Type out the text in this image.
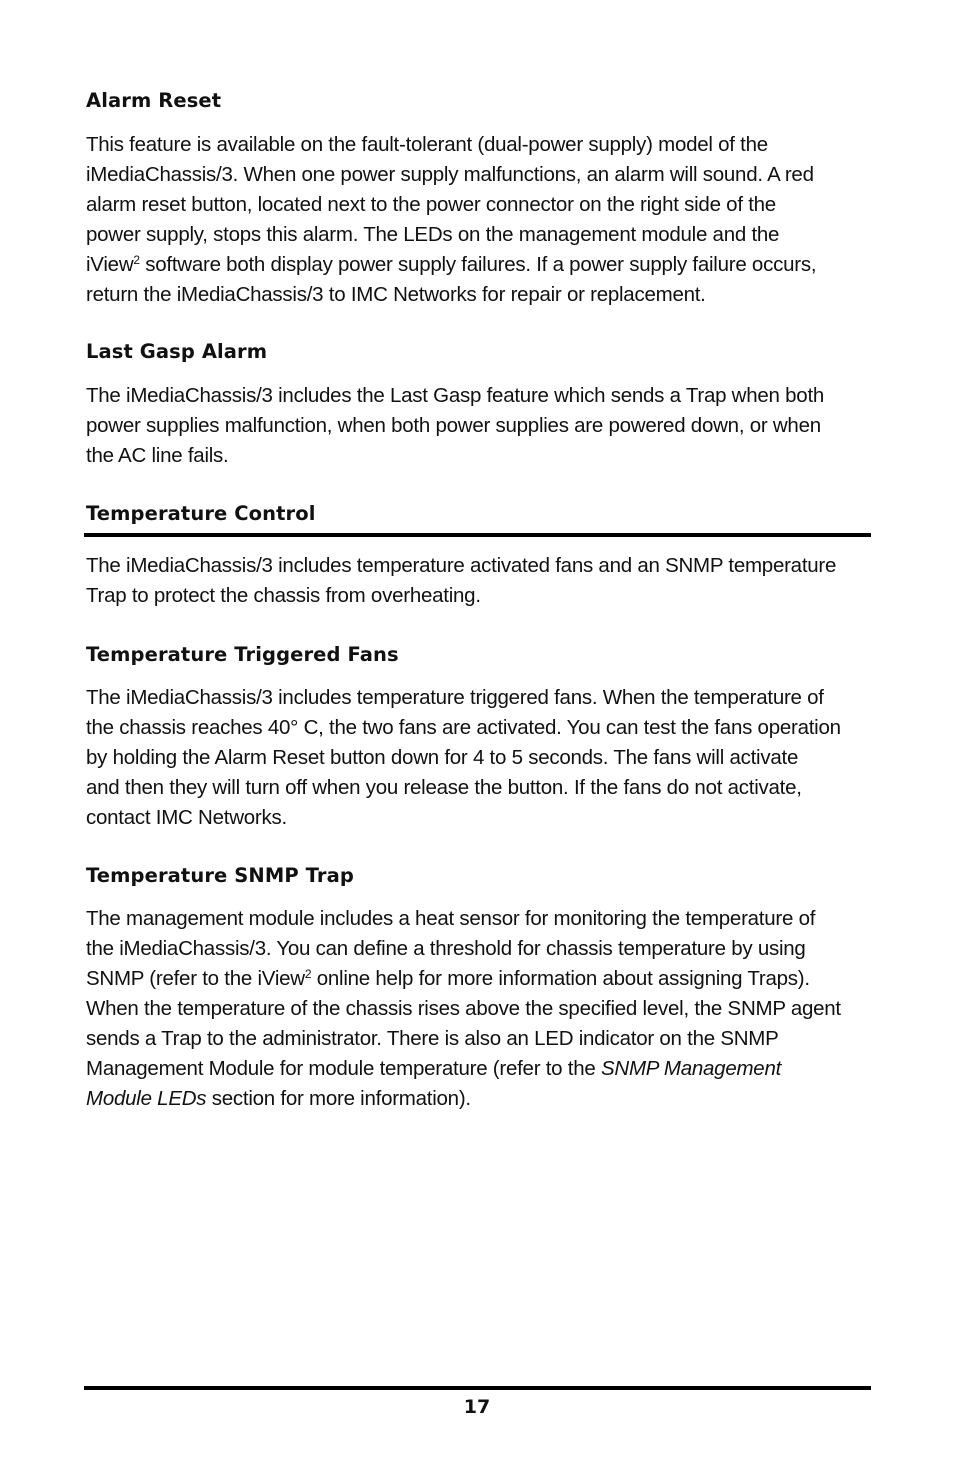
Alarm Reset

This feature is available on the fault-tolerant (dual-power supply) model of the
iMediaChassis/3. When one power supply malfunctions, an alarm will sound. A red
alarm reset button, located next to the power connector on the right side of the
power supply, stops this alarm. The LEDs on the management module and the
iView$^2$ software both display power supply failures. If a power supply failure occurs,
return the iMediaChassis/3 to IMC Networks for repair or replacement.

Last Gasp Alarm

The iMediaChassis/3 includes the Last Gasp feature which sends a Trap when both
power supplies malfunction, when both power supplies are powered down, or when
the AC line fails.

Temperature Control

The iMediaChassis/3 includes temperature activated fans and an SNMP temperature
Trap to protect the chassis from overheating.

Temperature Triggered Fans

The iMediaChassis/3 includes temperature triggered fans. When the temperature of
the chassis reaches 40° C, the two fans are activated. You can test the fans operation
by holding the Alarm Reset button down for 4 to 5 seconds. The fans will activate
and then they will turn off when you release the button. If the fans do not activate,
contact IMC Networks.

Temperature SNMP Trap

The management module includes a heat sensor for monitoring the temperature of
the iMediaChassis/3. You can define a threshold for chassis temperature by using
SNMP (refer to the iView$^2$ online help for more information about assigning Traps).
When the temperature of the chassis rises above the specified level, the SNMP agent
sends a Trap to the administrator. There is also an LED indicator on the SNMP
Management Module for module temperature (refer to the SNMP Management
Module LEDs section for more information).

17
